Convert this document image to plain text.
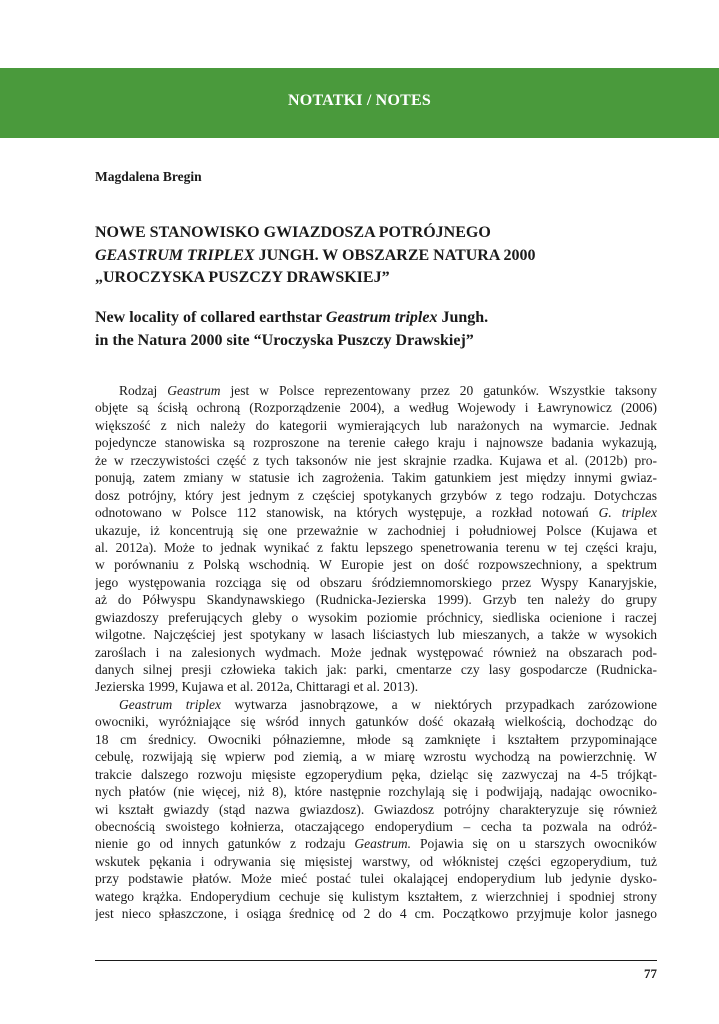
NOTATKI / NOTES
Magdalena Bregin
NOWE STANOWISKO GWIAZDOSZA POTRÓJNEGO
GEASTRUM TRIPLEX JUNGH. W OBSZARZE NATURA 2000
„UROCZYSKA PUSZCZY DRAWSKIEJ”
New locality of collared earthstar Geastrum triplex Jungh.
in the Natura 2000 site “Uroczyska Puszczy Drawskiej”
Rodzaj Geastrum jest w Polsce reprezentowany przez 20 gatunków. Wszystkie taksony
objęte są ścisłą ochroną (Rozporządzenie 2004), a według Wojewody i Ławrynowicz (2006)
większość z nich należy do kategorii wymierających lub narażonych na wymarcie. Jednak
pojedyncze stanowiska są rozproszone na terenie całego kraju i najnowsze badania wykazują,
że w rzeczywistości część z tych taksonów nie jest skrajnie rzadka. Kujawa et al. (2012b) pro-
ponują, zatem zmiany w statusie ich zagrożenia. Takim gatunkiem jest między innymi gwiaz-
dosz potrójny, który jest jednym z częściej spotykanych grzybów z tego rodzaju. Dotychczas
odnotowano w Polsce 112 stanowisk, na których występuje, a rozkład notowań G. triplex
ukazuje, iż koncentrują się one przeważnie w zachodniej i południowej Polsce (Kujawa et
al. 2012a). Może to jednak wynikać z faktu lepszego spenetrowania terenu w tej części kraju,
w porównaniu z Polską wschodnią. W Europie jest on dość rozpowszechniony, a spektrum
jego występowania rozciąga się od obszaru śródziemnomorskiego przez Wyspy Kanaryjskie,
aż do Półwyspu Skandynawskiego (Rudnicka-Jezierska 1999). Grzyb ten należy do grupy
gwiazdoszy preferujących gleby o wysokim poziomie próchnicy, siedliska ocienione i raczej
wilgotne. Najczęściej jest spotykany w lasach liściastych lub mieszanych, a także w wysokich
zaroślach i na zalesionych wydmach. Może jednak występować również na obszarach pod-
danych silnej presji człowieka takich jak: parki, cmentarze czy lasy gospodarcze (Rudnicka-
Jezierska 1999, Kujawa et al. 2012a, Chittaragi et al. 2013).
Geastrum triplex wytwarza jasnobrązowe, a w niektórych przypadkach zarózowione
owocniki, wyróżniające się wśród innych gatunków dość okazałą wielkością, dochodząc do
18 cm średnicy. Owocniki półnaziemne, młode są zamknięte i kształtem przypominające
cebulę, rozwijają się wpierw pod ziemią, a w miarę wzrostu wychodzą na powierzchnię. W
trakcie dalszego rozwoju mięsiste egzoperydium pęka, dzieląc się zazwyczaj na 4-5 trójkąt-
nych płatów (nie więcej, niż 8), które następnie rozchylają się i podwijają, nadając owocniko-
wi kształt gwiazdy (stąd nazwa gwiazdosz). Gwiazdosz potrójny charakteryzuje się również
obecnością swoistego kołnierza, otaczającego endoperydium – cecha ta pozwala na odróż-
nienie go od innych gatunków z rodzaju Geastrum. Pojawia się on u starszych owocników
wskutek pękania i odrywania się mięsistej warstwy, od włóknistej części egzoperydium, tuż
przy podstawie płatów. Może mieć postać tulei okalającej endoperydium lub jedynie dysko-
watego krążka. Endoperydium cechuje się kulistym kształtem, z wierzchniej i spodniej strony
jest nieco spłaszczone, i osiąga średnicę od 2 do 4 cm. Początkowo przyjmuje kolor jasnego
77
